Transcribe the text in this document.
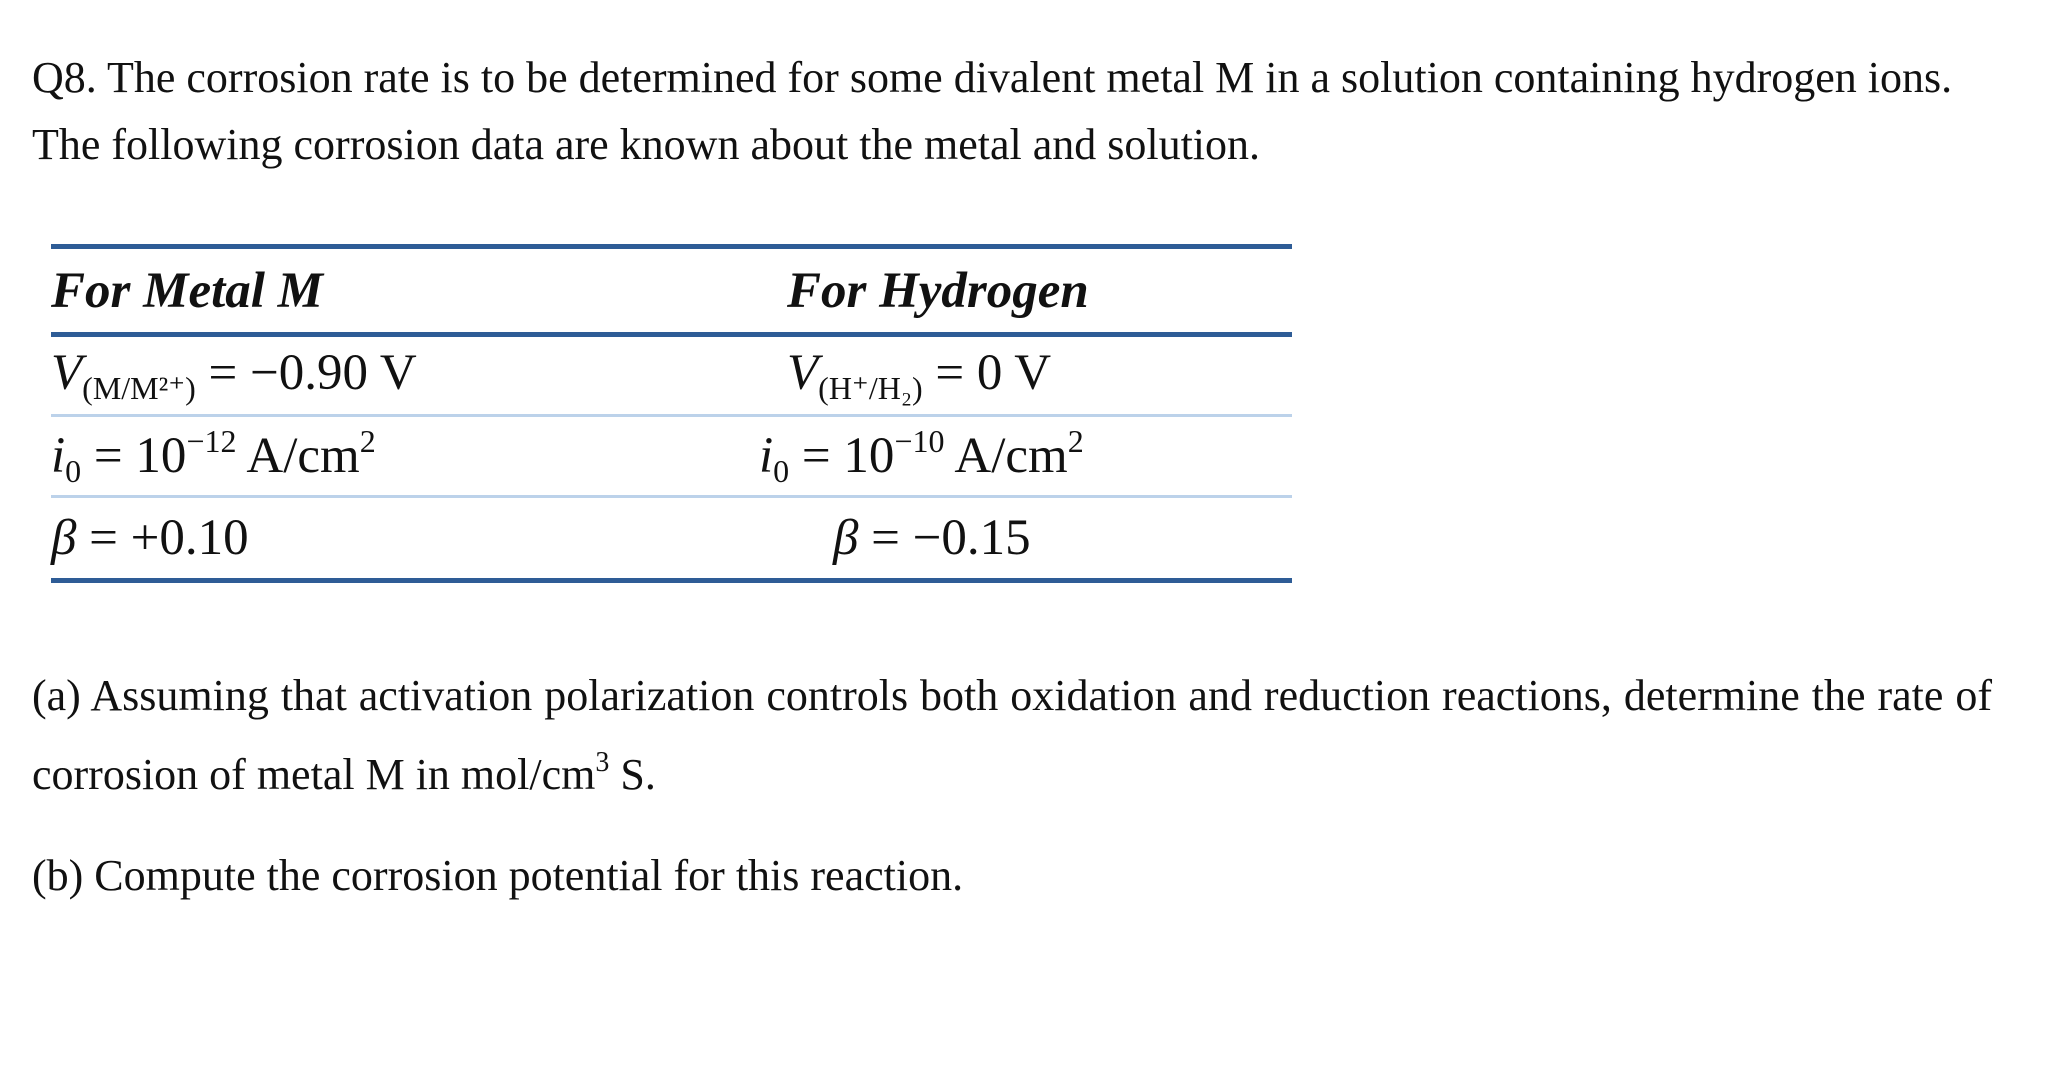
Q8. The corrosion rate is to be determined for some divalent metal M in a solution containing hydrogen ions. The following corrosion data are known about the metal and solution.

For Metal M	For Hydrogen
V(M/M²⁺) = −0.90 V	V(H⁺/H₂) = 0 V
$i0 = 10^{-12}$ $A/cm^2$	$i0 = 10^{-10}$ $A/cm^2$
β = +0.10	β = −0.15

(a) Assuming that activation polarization controls both oxidation and reduction reactions, determine the rate of corrosion of metal M in mol/$cm^3$ S.

(b) Compute the corrosion potential for this reaction.
